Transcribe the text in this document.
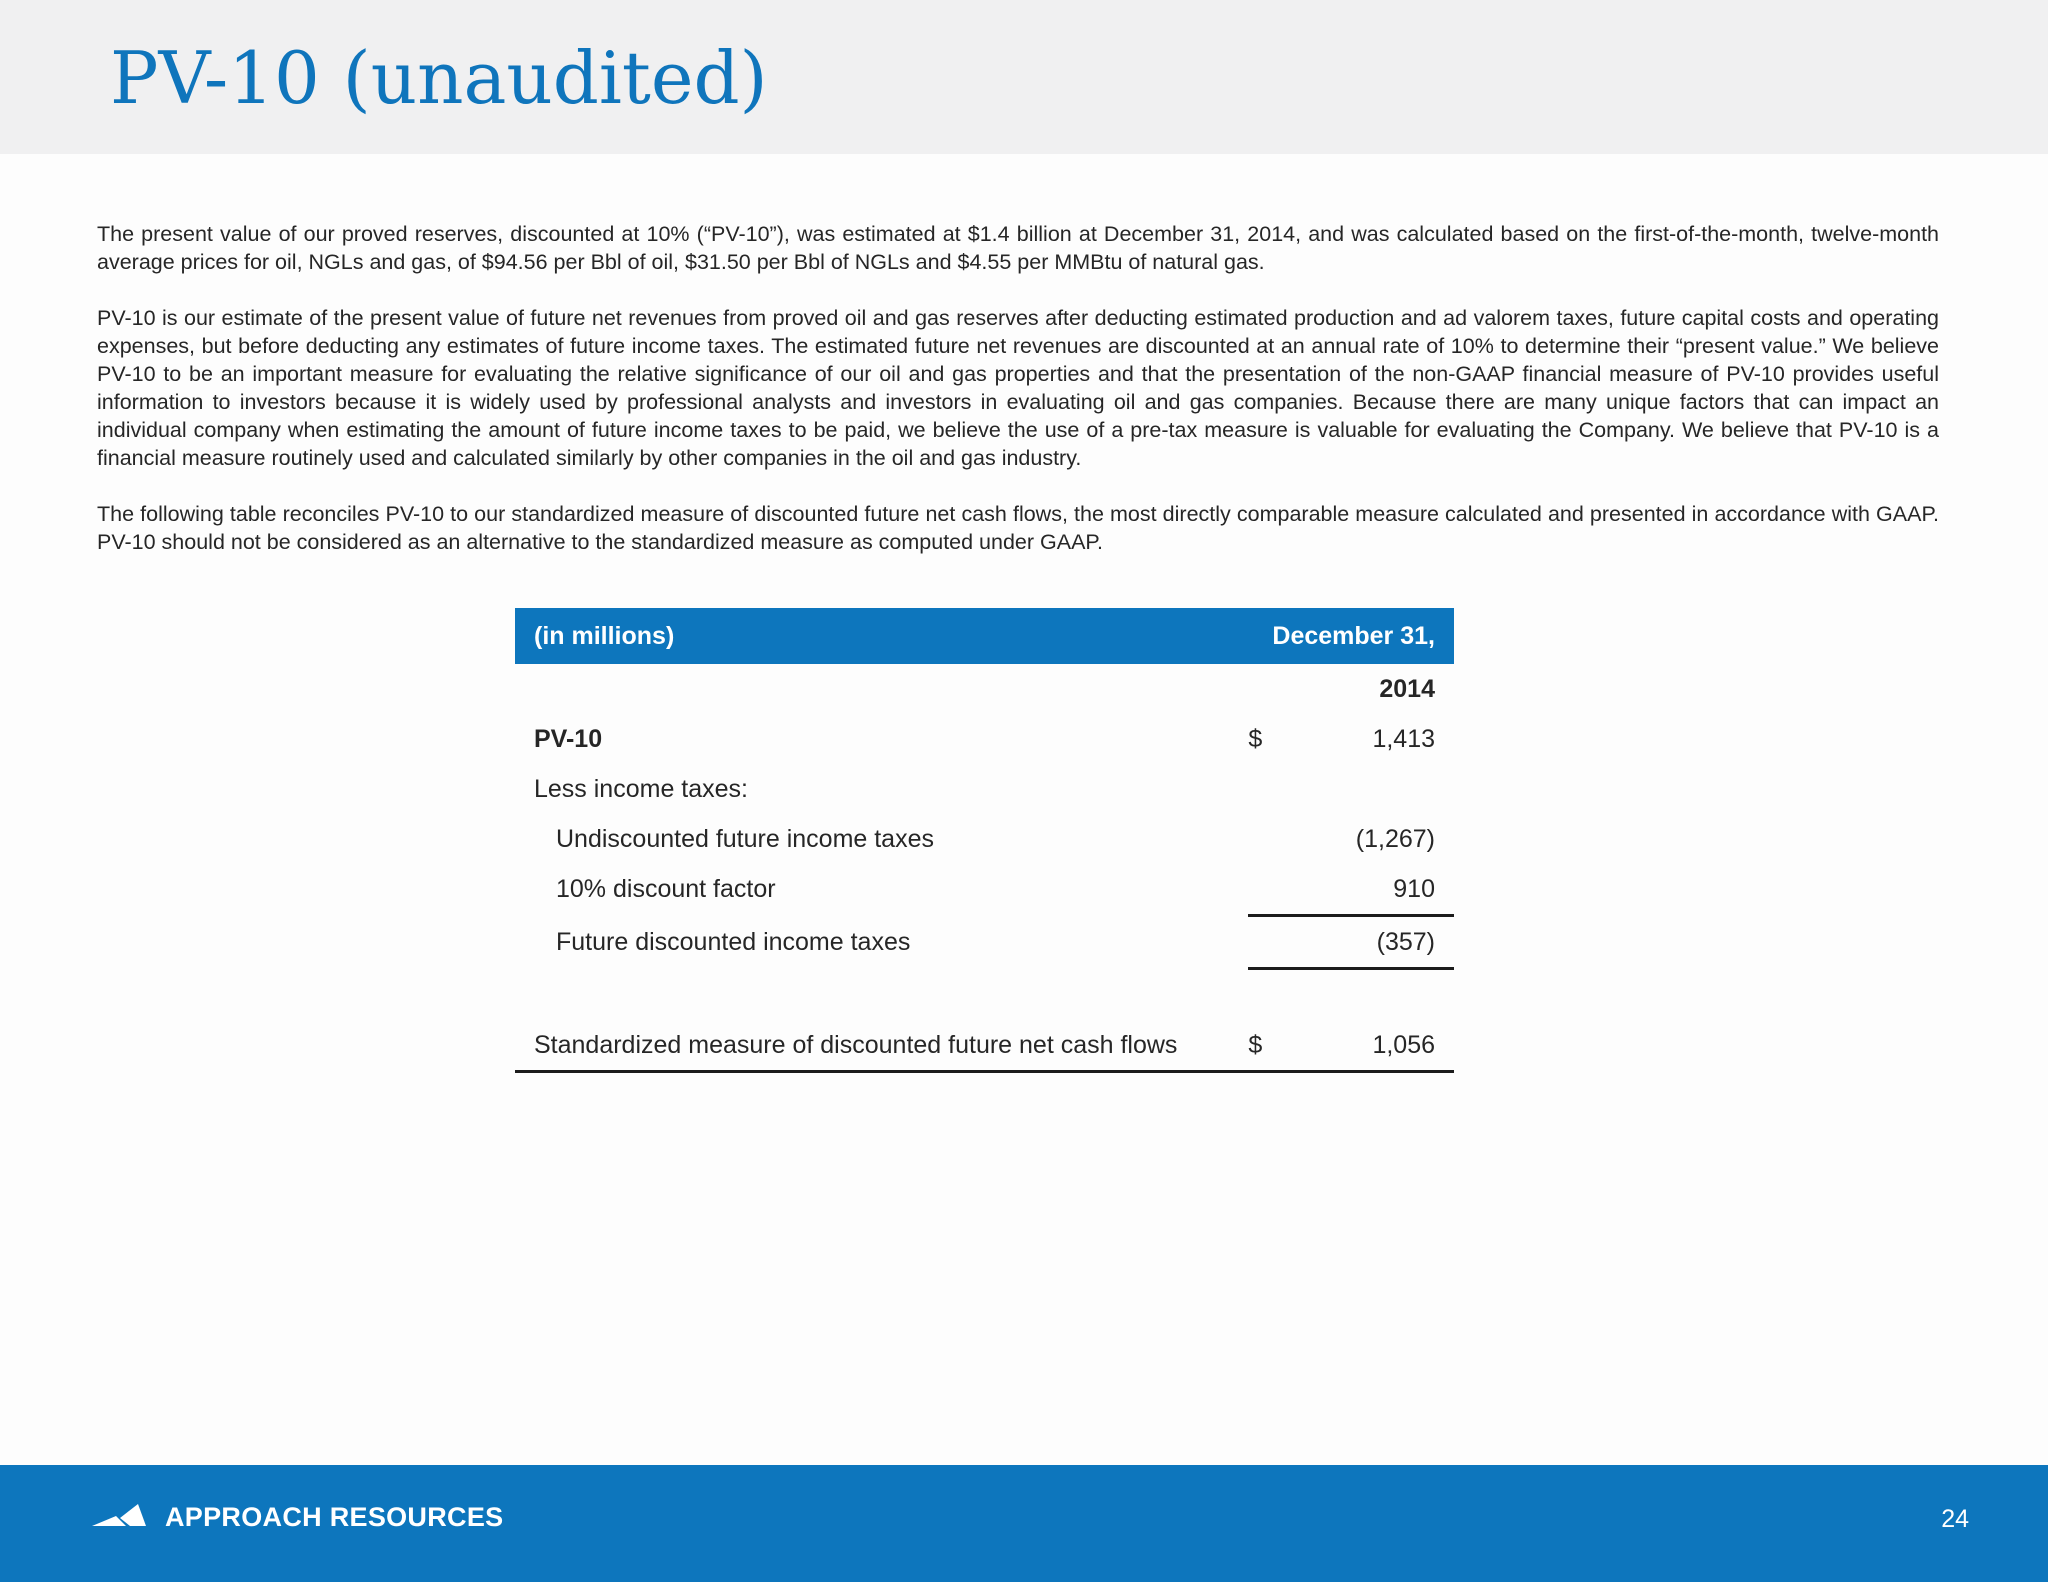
PV-10 (unaudited)

The present value of our proved reserves, discounted at 10% (“PV-10”), was estimated at $1.4 billion at December 31, 2014, and was calculated based on the first-of-the-month, twelve-month average prices for oil, NGLs and gas, of $94.56 per Bbl of oil, $31.50 per Bbl of NGLs and $4.55 per MMBtu of natural gas.

PV-10 is our estimate of the present value of future net revenues from proved oil and gas reserves after deducting estimated production and ad valorem taxes, future capital costs and operating expenses, but before deducting any estimates of future income taxes. The estimated future net revenues are discounted at an annual rate of 10% to determine their “present value.” We believe PV-10 to be an important measure for evaluating the relative significance of our oil and gas properties and that the presentation of the non-GAAP financial measure of PV-10 provides useful information to investors because it is widely used by professional analysts and investors in evaluating oil and gas companies. Because there are many unique factors that can impact an individual company when estimating the amount of future income taxes to be paid, we believe the use of a pre-tax measure is valuable for evaluating the Company. We believe that PV-10 is a financial measure routinely used and calculated similarly by other companies in the oil and gas industry.

The following table reconciles PV-10 to our standardized measure of discounted future net cash flows, the most directly comparable measure calculated and presented in accordance with GAAP. PV-10 should not be considered as an alternative to the standardized measure as computed under GAAP.

(in millions)		December 31,
		2014
PV-10	$	1,413
Less income taxes:		
Undiscounted future income taxes		(1,267)
10% discount factor		910
Future discounted income taxes		(357)

Standardized measure of discounted future net cash flows	$	1,056
APPROACH RESOURCES	24
